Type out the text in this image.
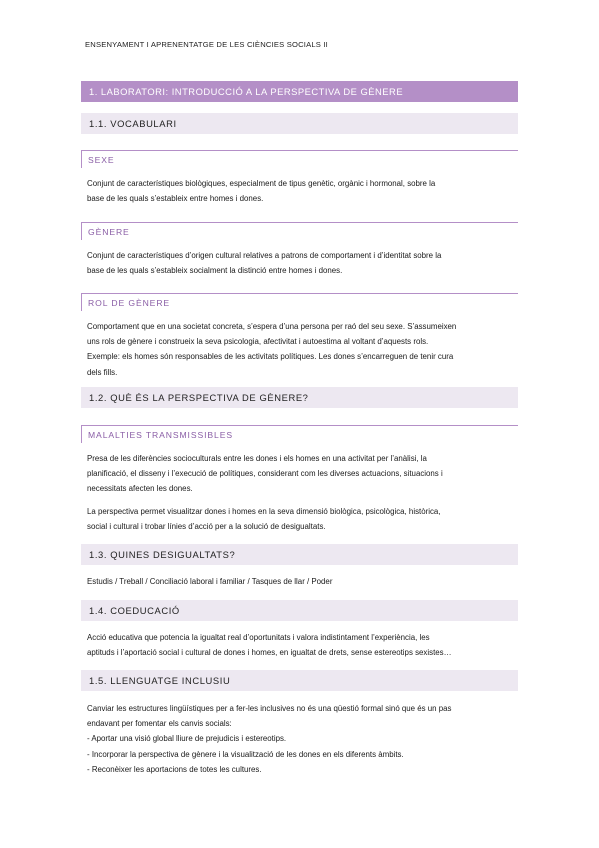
ENSENYAMENT I APRENENTATGE DE LES CIÈNCIES SOCIALS II
1. LABORATORI: INTRODUCCIÓ A LA PERSPECTIVA DE GÈNERE
1.1. VOCABULARI
SEXE
Conjunt de característiques biològiques, especialment de tipus genètic, orgànic i hormonal, sobre la
base de les quals s’estableix entre homes i dones.
GÈNERE
Conjunt de característiques d’origen cultural relatives a patrons de comportament i d’identitat sobre la
base de les quals s’estableix socialment la distinció entre homes i dones.
ROL DE GÈNERE
Comportament que en una societat concreta, s’espera d’una persona per raó del seu sexe. S’assumeixen
uns rols de gènere i construeix la seva psicologia, afectivitat i autoestima al voltant d’aquests rols.
Exemple: els homes són responsables de les activitats polítiques. Les dones s’encarreguen de tenir cura
dels fills.
1.2. QUÈ ÉS LA PERSPECTIVA DE GÈNERE?
MALALTIES TRANSMISSIBLES
Presa de les diferències socioculturals entre les dones i els homes en una activitat per l’anàlisi, la
planificació, el disseny i l’execució de polítiques, considerant com les diverses actuacions, situacions i
necessitats afecten les dones.
La perspectiva permet visualitzar dones i homes en la seva dimensió biològica, psicològica, històrica,
social i cultural i trobar línies d’acció per a la solució de desigualtats.
1.3. QUINES DESIGUALTATS?
Estudis / Treball / Conciliació laboral i familiar / Tasques de llar / Poder
1.4. COEDUCACIÓ
Acció educativa que potencia la igualtat real d’oportunitats i valora indistintament l’experiència, les
aptituds i l’aportació social i cultural de dones i homes, en igualtat de drets, sense estereotips sexistes…
1.5. LLENGUATGE INCLUSIU
Canviar les estructures lingüístiques per a fer-les inclusives no és una qüestió formal sinó que és un pas
endavant per fomentar els canvis socials:
- Aportar una visió global lliure de prejudicis i estereotips.
- Incorporar la perspectiva de gènere i la visualització de les dones en els diferents àmbits.
- Reconèixer les aportacions de totes les cultures.
